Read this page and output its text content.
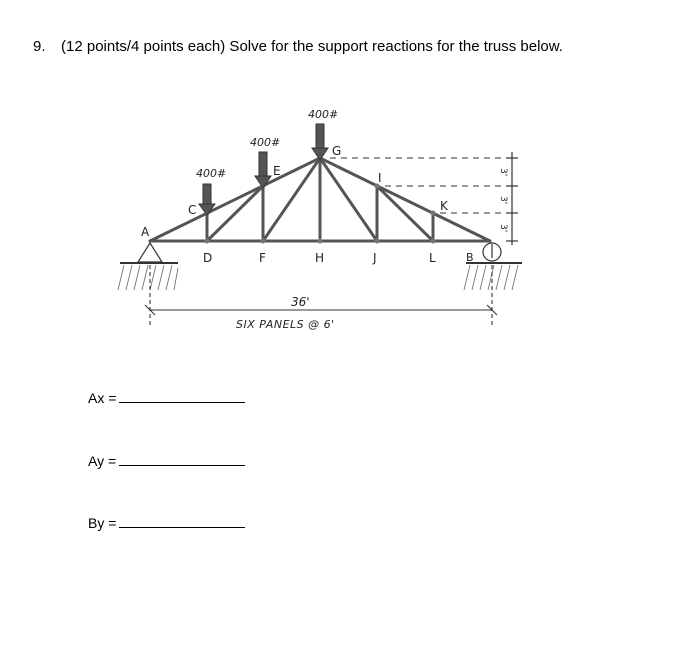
9. (12 points/4 points each) Solve for the support reactions for the truss below.
400#
400#
400#
A
C
E
G
I
K
D	F	H	J	L	B
3'
3'
3'
36'
SIX PANELS @ 6'
Ax =
Ay =
By =
